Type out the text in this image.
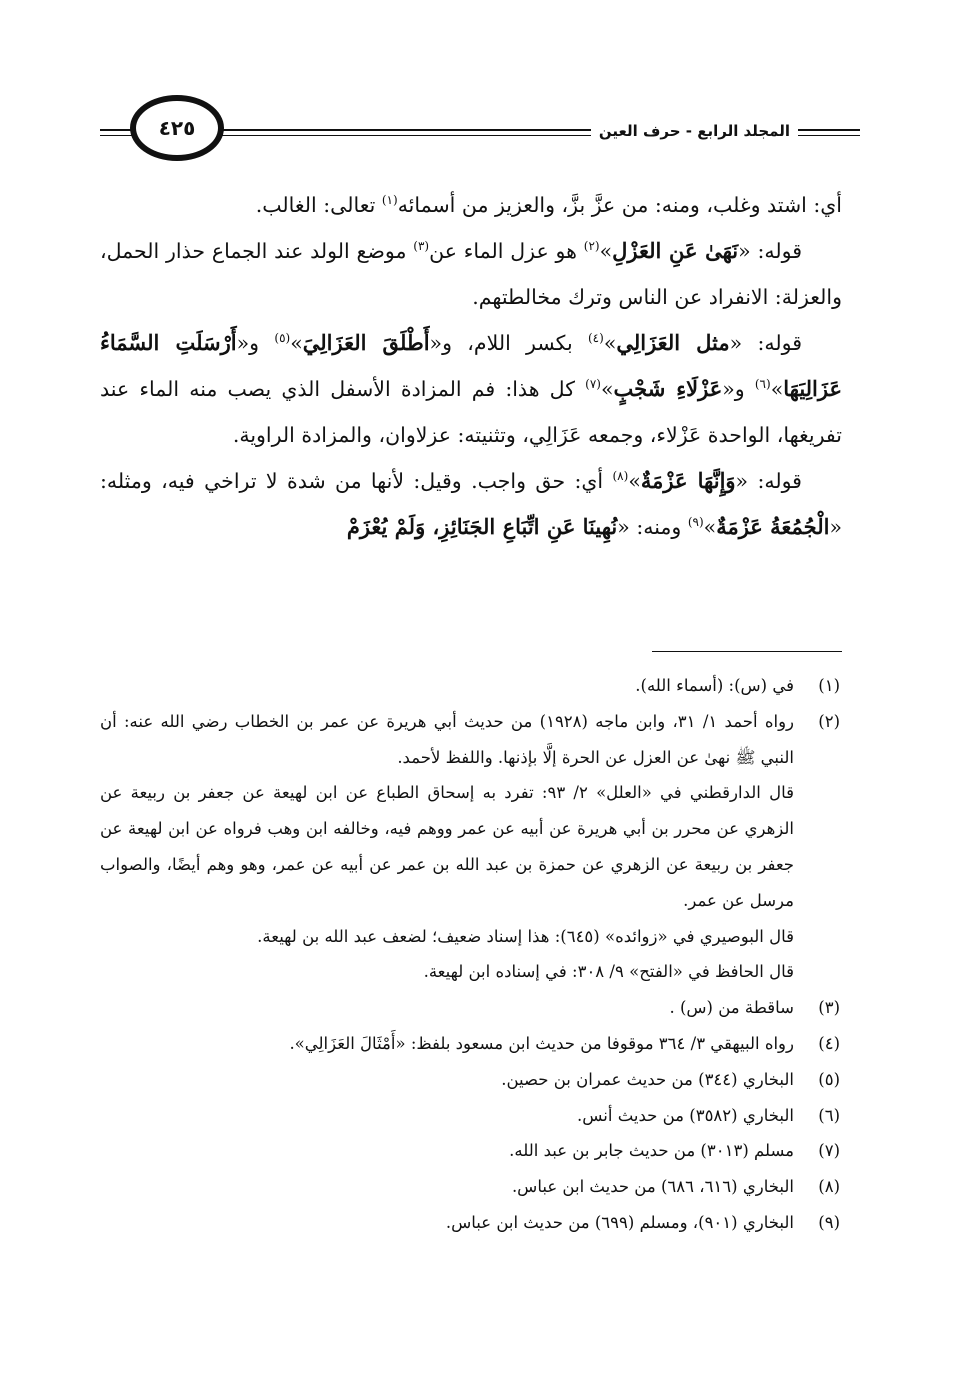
المجلد الرابع - حرف العين
٤٢٥

أي: اشتد وغلب، ومنه: من عزَّ بزَّ، والعزيز من أسمائه$^{(١)}$ تعالى: الغالب.

قوله: «نَهَىٰ عَنِ العَزْلِ»$^{(٢)}$ هو عزل الماء عن$^{(٣)}$ موضع الولد عند الجماع حذار الحمل، والعزلة: الانفراد عن الناس وترك مخالطتهم.

قوله: «مثل العَزَالِي»$^{(٤)}$ بكسر اللام، و«أَطْلَقَ العَزَالِيَ»$^{(٥)}$ و«أَرْسَلَتِ السَّمَاءُ عَزَالِيَهَا»$^{(٦)}$ و«عَزْلَاءِ شَجْبٍ»$^{(٧)}$ كل هذا: فم المزادة الأسفل الذي يصب منه الماء عند تفريغها، الواحدة عَزْلاء، وجمعه عَزَالِي، وتثنيته: عزلاوان، والمزادة الراوية.

قوله: «وَإِنَّهَا عَزْمَةٌ»$^{(٨)}$ أي: حق واجب. وقيل: لأنها من شدة لا تراخي فيه، ومثله: «الْجُمُعَةُ عَزْمَةٌ»$^{(٩)}$ ومنه: «نُهِينَا عَنِ اتِّبَاعِ الجَنَائِزِ، وَلَمْ يُعْزَمْ

(١)

في (س): (أسماء الله).

(٢)

رواه أحمد ١/ ٣١، وابن ماجه (١٩٢٨) من حديث أبي هريرة عن عمر بن الخطاب رضي الله عنه: أن النبي ﷺ نهىٰ عن العزل عن الحرة إلَّا بإذنها. واللفظ لأحمد.

قال الدارقطني في «العلل» ٢/ ٩٣: تفرد به إسحاق الطباع عن ابن لهيعة عن جعفر بن ربيعة عن الزهري عن محرر بن أبي هريرة عن أبيه عن عمر ووهم فيه، وخالفه ابن وهب فرواه عن ابن لهيعة عن جعفر بن ربيعة عن الزهري عن حمزة بن عبد الله بن عمر عن أبيه عن عمر، وهو وهم أيضًا، والصواب مرسل عن عمر.

قال البوصيري في «زوائده» (٦٤٥): هذا إسناد ضعيف؛ لضعف عبد الله بن لهيعة.

قال الحافظ في «الفتح» ٩/ ٣٠٨: في إسناده ابن لهيعة.

(٣)

ساقطة من (س) .

(٤)

رواه البيهقي ٣/ ٣٦٤ موقوفا من حديث ابن مسعود بلفظ: «أَمْثَالَ العَزَالِي».

(٥)

البخاري (٣٤٤) من حديث عمران بن حصين.

(٦)

البخاري (٣٥٨٢) من حديث أنس.

(٧)

مسلم (٣٠١٣) من حديث جابر بن عبد الله.

(٨)

البخاري (٦١٦، ٦٨٦) من حديث ابن عباس.

(٩)

البخاري (٩٠١)، ومسلم (٦٩٩) من حديث ابن عباس.
